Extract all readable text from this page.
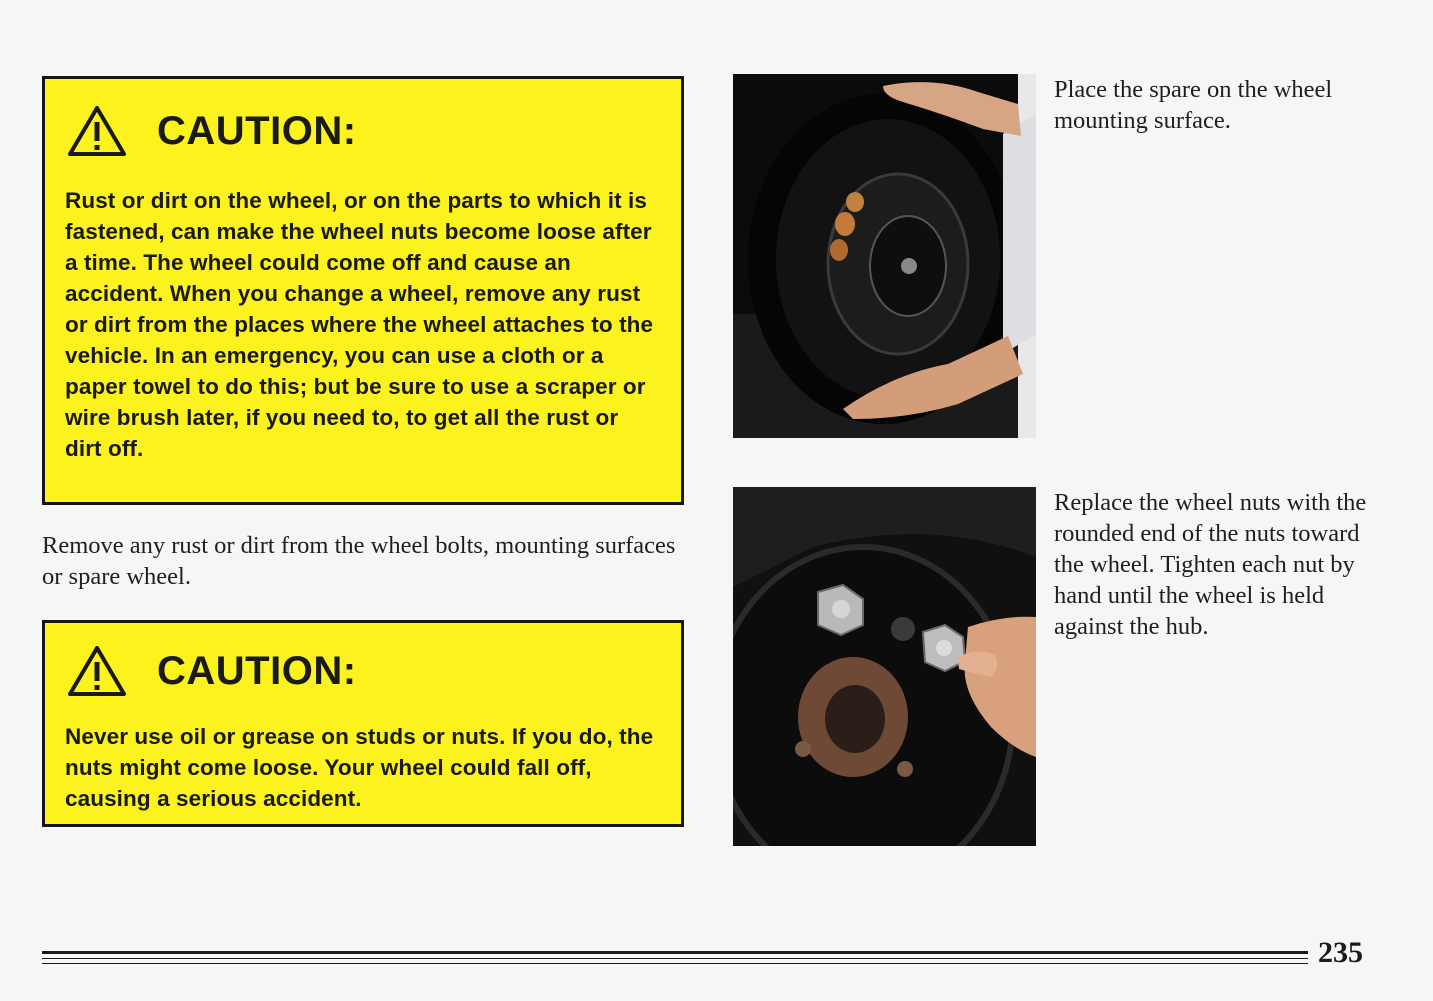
CAUTION:

Rust or dirt on the wheel, or on the parts to which it is fastened, can make the wheel nuts become loose after a time. The wheel could come off and cause an accident. When you change a wheel, remove any rust or dirt from the places where the wheel attaches to the vehicle. In an emergency, you can use a cloth or a paper towel to do this; but be sure to use a scraper or wire brush later, if you need to, to get all the rust or dirt off.

Remove any rust or dirt from the wheel bolts, mounting surfaces or spare wheel.

CAUTION:

Never use oil or grease on studs or nuts. If you do, the nuts might come loose. Your wheel could fall off, causing a serious accident.

Place the spare on the wheel mounting surface.

Replace the wheel nuts with the rounded end of the nuts toward the wheel. Tighten each nut by hand until the wheel is held against the hub.

235
